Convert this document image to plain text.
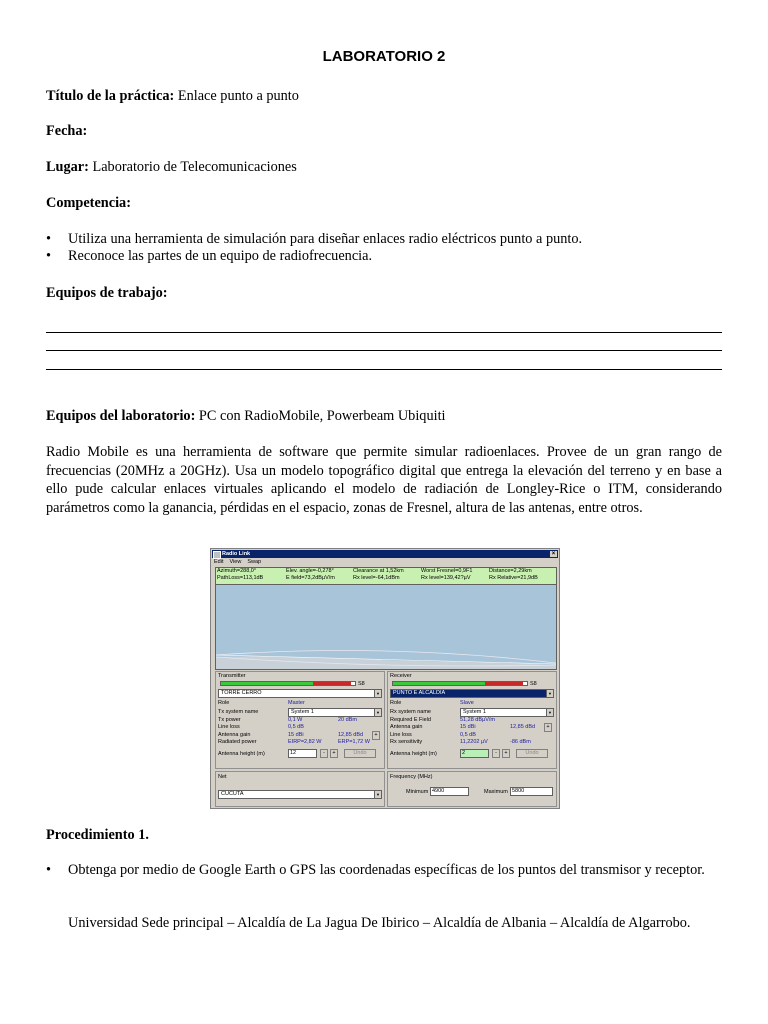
LABORATORIO 2
Título de la práctica: Enlace punto a punto
Fecha:
Lugar: Laboratorio de Telecomunicaciones
Competencia:
•	Utiliza una herramienta de simulación para diseñar enlaces radio eléctricos punto a punto.
•	Reconoce las partes de un equipo de radiofrecuencia.
Equipos de trabajo:
Equipos del laboratorio: PC con RadioMobile, Powerbeam Ubiquiti
Radio Mobile es una herramienta de software que permite simular radioenlaces. Provee de un gran rango de frecuencias (20MHz a 20GHz). Usa un modelo topográfico digital que entrega la elevación del terreno y en base a ello pude calcular enlaces virtuales aplicando el modelo de radiación de Longley-Rice o ITM, considerando parámetros como la ganancia, pérdidas en el espacio, zonas de Fresnel, altura de las antenas, entre otros.
Procedimiento 1.
•	Obtenga por medio de Google Earth o GPS las coordenadas específicas de los puntos del transmisor y receptor.
Universidad Sede principal – Alcaldía de La Jagua De Ibirico – Alcaldía de Albania – Alcaldía de Algarrobo.
Radio Link	×
Edit View Swap
Azimuth=288,0°	Elev. angle=-0,278°	Clearance at 1,52km	Worst Fresnel=0,9F1	Distance=2,29km
PathLoss=113,1dB	E field=73,2dBµV/m	Rx level=-64,1dBm	Rx level=139,42?µV	Rx Relative=21,9dB
Transmitter
S8
TORRE CERRO	▼
Role	Master
Tx system name	System 1	▼
Tx power	0,1 W	20 dBm
Line loss	0,5 dB
Antenna gain	15 dBi	12,85 dBd	+
Radiated power	EIRP=2,82 W	ERP=1,72 W
Antenna height (m)	12	-	+	Undo
Receiver
S8
PUNTO E ALCALDIA	▼
Role	Slave
Rx system name	System 1	▼
Required E Field	51,28 dBµV/m
Antenna gain	15 dBi	12,85 dBd	+
Line loss	0,5 dB
Rx sensitivity	11,2202 µV	-86 dBm
Antenna height (m)	2	-	+	Undo
Net
CUCUTA	▼
Frequency (MHz)
Minimum 4900	Maximum 5800
